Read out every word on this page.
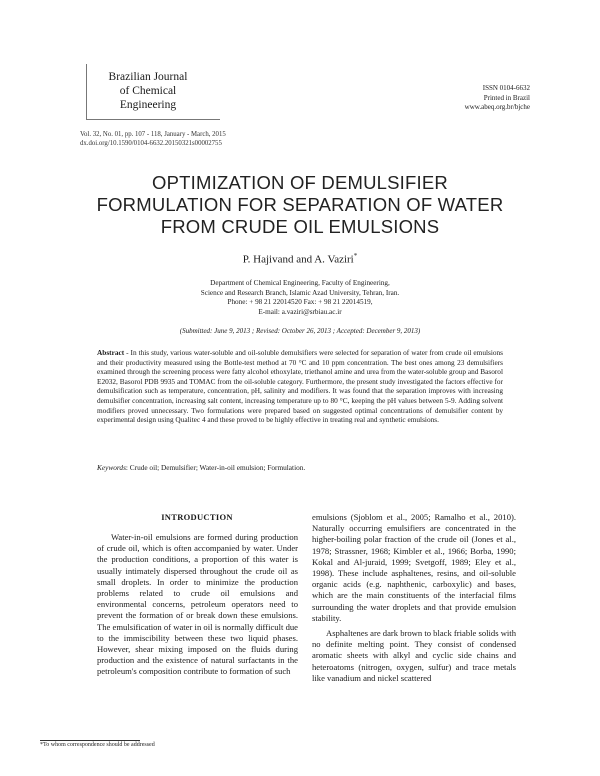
Brazilian Journal
of Chemical
Engineering
ISSN 0104-6632
Printed in Brazil
www.abeq.org.br/bjche
Vol. 32, No. 01, pp. 107 - 118, January - March, 2015
dx.doi.org/10.1590/0104-6632.20150321s00002755
OPTIMIZATION OF DEMULSIFIER
FORMULATION FOR SEPARATION OF WATER
FROM CRUDE OIL EMULSIONS
P. Hajivand and A. Vaziri*
Department of Chemical Engineering, Faculty of Engineering,
Science and Research Branch, Islamic Azad University, Tehran, Iran.
Phone: + 98 21 22014520 Fax: + 98 21 22014519,
E-mail: a.vaziri@srbiau.ac.ir
(Submitted: June 9, 2013 ; Revised: October 26, 2013 ; Accepted: December 9, 2013)
Abstract - In this study, various water-soluble and oil-soluble demulsifiers were selected for separation of water from crude oil emulsions and their productivity measured using the Bottle-test method at 70 °C and 10 ppm concentration. The best ones among 23 demulsifiers examined through the screening process were fatty alcohol ethoxylate, triethanol amine and urea from the water-soluble group and Basorol E2032, Basorol PDB 9935 and TOMAC from the oil-soluble category. Furthermore, the present study investigated the factors effective for demulsification such as temperature, concentration, pH, salinity and modifiers. It was found that the separation improves with increasing demulsifier concentration, increasing salt content, increasing temperature up to 80 °C, keeping the pH values between 5-9. Adding solvent modifiers proved unnecessary. Two formulations were prepared based on suggested optimal concentrations of demulsifier content by experimental design using Qualitec 4 and these proved to be highly effective in treating real and synthetic emulsions.
Keywords: Crude oil; Demulsifier; Water-in-oil emulsion; Formulation.
INTRODUCTION

Water-in-oil emulsions are formed during production of crude oil, which is often accompanied by water. Under the production conditions, a proportion of this water is usually intimately dispersed throughout the crude oil as small droplets. In order to minimize the production problems related to crude oil emulsions and environmental concerns, petroleum operators need to prevent the formation of or break down these emulsions. The emulsification of water in oil is normally difficult due to the immiscibility between these two liquid phases. However, shear mixing imposed on the fluids during production and the existence of natural surfactants in the petroleum's composition contribute to formation of such

emulsions (Sjoblom et al., 2005; Ramalho et al., 2010). Naturally occurring emulsifiers are concentrated in the higher-boiling polar fraction of the crude oil (Jones et al., 1978; Strassner, 1968; Kimbler et al., 1966; Borba, 1990; Kokal and Al-juraid, 1999; Svetgoff, 1989; Eley et al., 1998). These include asphaltenes, resins, and oil-soluble organic acids (e.g. naphthenic, carboxylic) and bases, which are the main constituents of the interfacial films surrounding the water droplets and that provide emulsion stability.

Asphaltenes are dark brown to black friable solids with no definite melting point. They consist of condensed aromatic sheets with alkyl and cyclic side chains and heteroatoms (nitrogen, oxygen, sulfur) and trace metals like vanadium and nickel scattered

*To whom correspondence should be addressed
